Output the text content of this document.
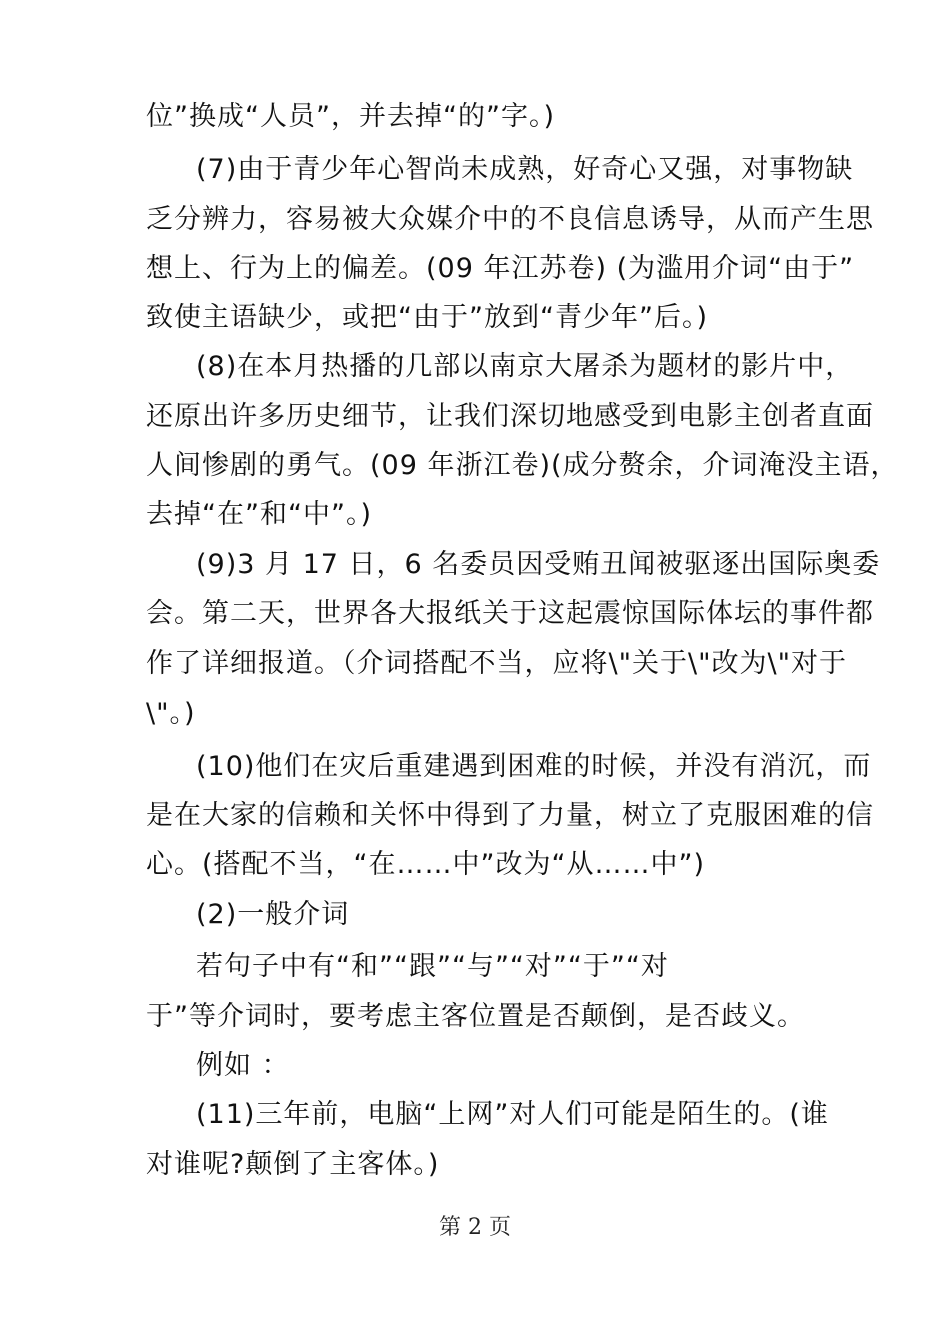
位”换成“人员”，并去掉“的”字。)
(7)由于青少年心智尚未成熟，好奇心又强，对事物缺
乏分辨力，容易被大众媒介中的不良信息诱导，从而产生思
想上、行为上的偏差。(09 年江苏卷) (为滥用介词“由于”
致使主语缺少，或把“由于”放到“青少年”后。)
(8)在本月热播的几部以南京大屠杀为题材的影片中，
还原出许多历史细节，让我们深切地感受到电影主创者直面
人间惨剧的勇气。(09 年浙江卷)(成分赘余，介词淹没主语，
去掉“在”和“中”。)
(9)3 月 17 日，6 名委员因受贿丑闻被驱逐出国际奥委
会。第二天，世界各大报纸关于这起震惊国际体坛的事件都
作了详细报道。（介词搭配不当，应将\"关于\"改为\"对于
\"。)
(10)他们在灾后重建遇到困难的时候，并没有消沉，而
是在大家的信赖和关怀中得到了力量，树立了克服困难的信
心。(搭配不当，“在……中”改为“从……中”)
(2)一般介词
若句子中有“和”“跟”“与”“对”“于”“对
于”等介词时，要考虑主客位置是否颠倒，是否歧义。
例如 ：
(11)三年前，电脑“上网”对人们可能是陌生的。(谁
对谁呢?颠倒了主客体。)
第 2 页
